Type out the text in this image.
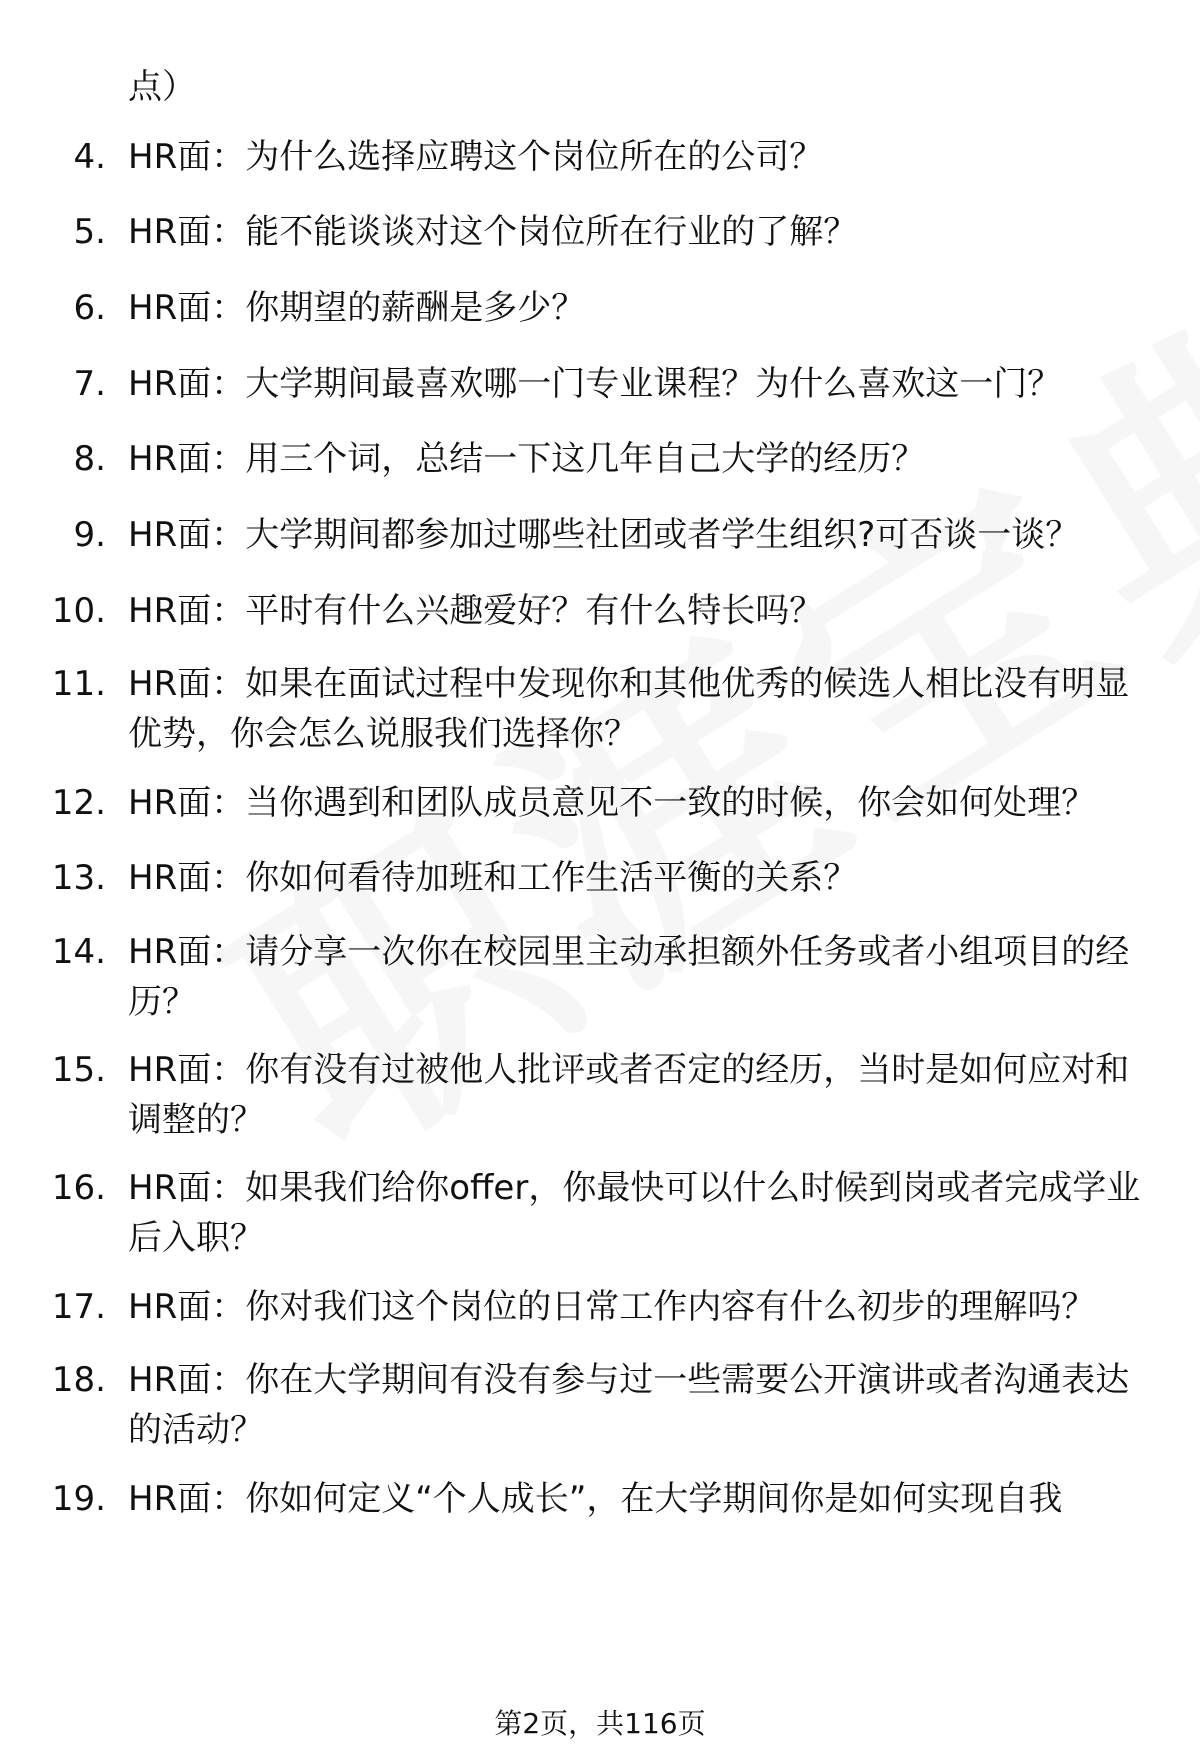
点）
4. HR面：为什么选择应聘这个岗位所在的公司？
5. HR面：能不能谈谈对这个岗位所在行业的了解？
6. HR面：你期望的薪酬是多少？
7. HR面：大学期间最喜欢哪一门专业课程？为什么喜欢这一门？
8. HR面：用三个词，总结一下这几年自己大学的经历？
9. HR面：大学期间都参加过哪些社团或者学生组织?可否谈一谈？
10. HR面：平时有什么兴趣爱好？有什么特长吗？
11. HR面：如果在面试过程中发现你和其他优秀的候选人相比没有明显优势，你会怎么说服我们选择你？
12. HR面：当你遇到和团队成员意见不一致的时候，你会如何处理？
13. HR面：你如何看待加班和工作生活平衡的关系？
14. HR面：请分享一次你在校园里主动承担额外任务或者小组项目的经历？
15. HR面：你有没有过被他人批评或者否定的经历，当时是如何应对和调整的？
16. HR面：如果我们给你offer，你最快可以什么时候到岗或者完成学业后入职？
17. HR面：你对我们这个岗位的日常工作内容有什么初步的理解吗？
18. HR面：你在大学期间有没有参与过一些需要公开演讲或者沟通表达的活动？
19. HR面：你如何定义“个人成长”，在大学期间你是如何实现自我
第2页，共116页
